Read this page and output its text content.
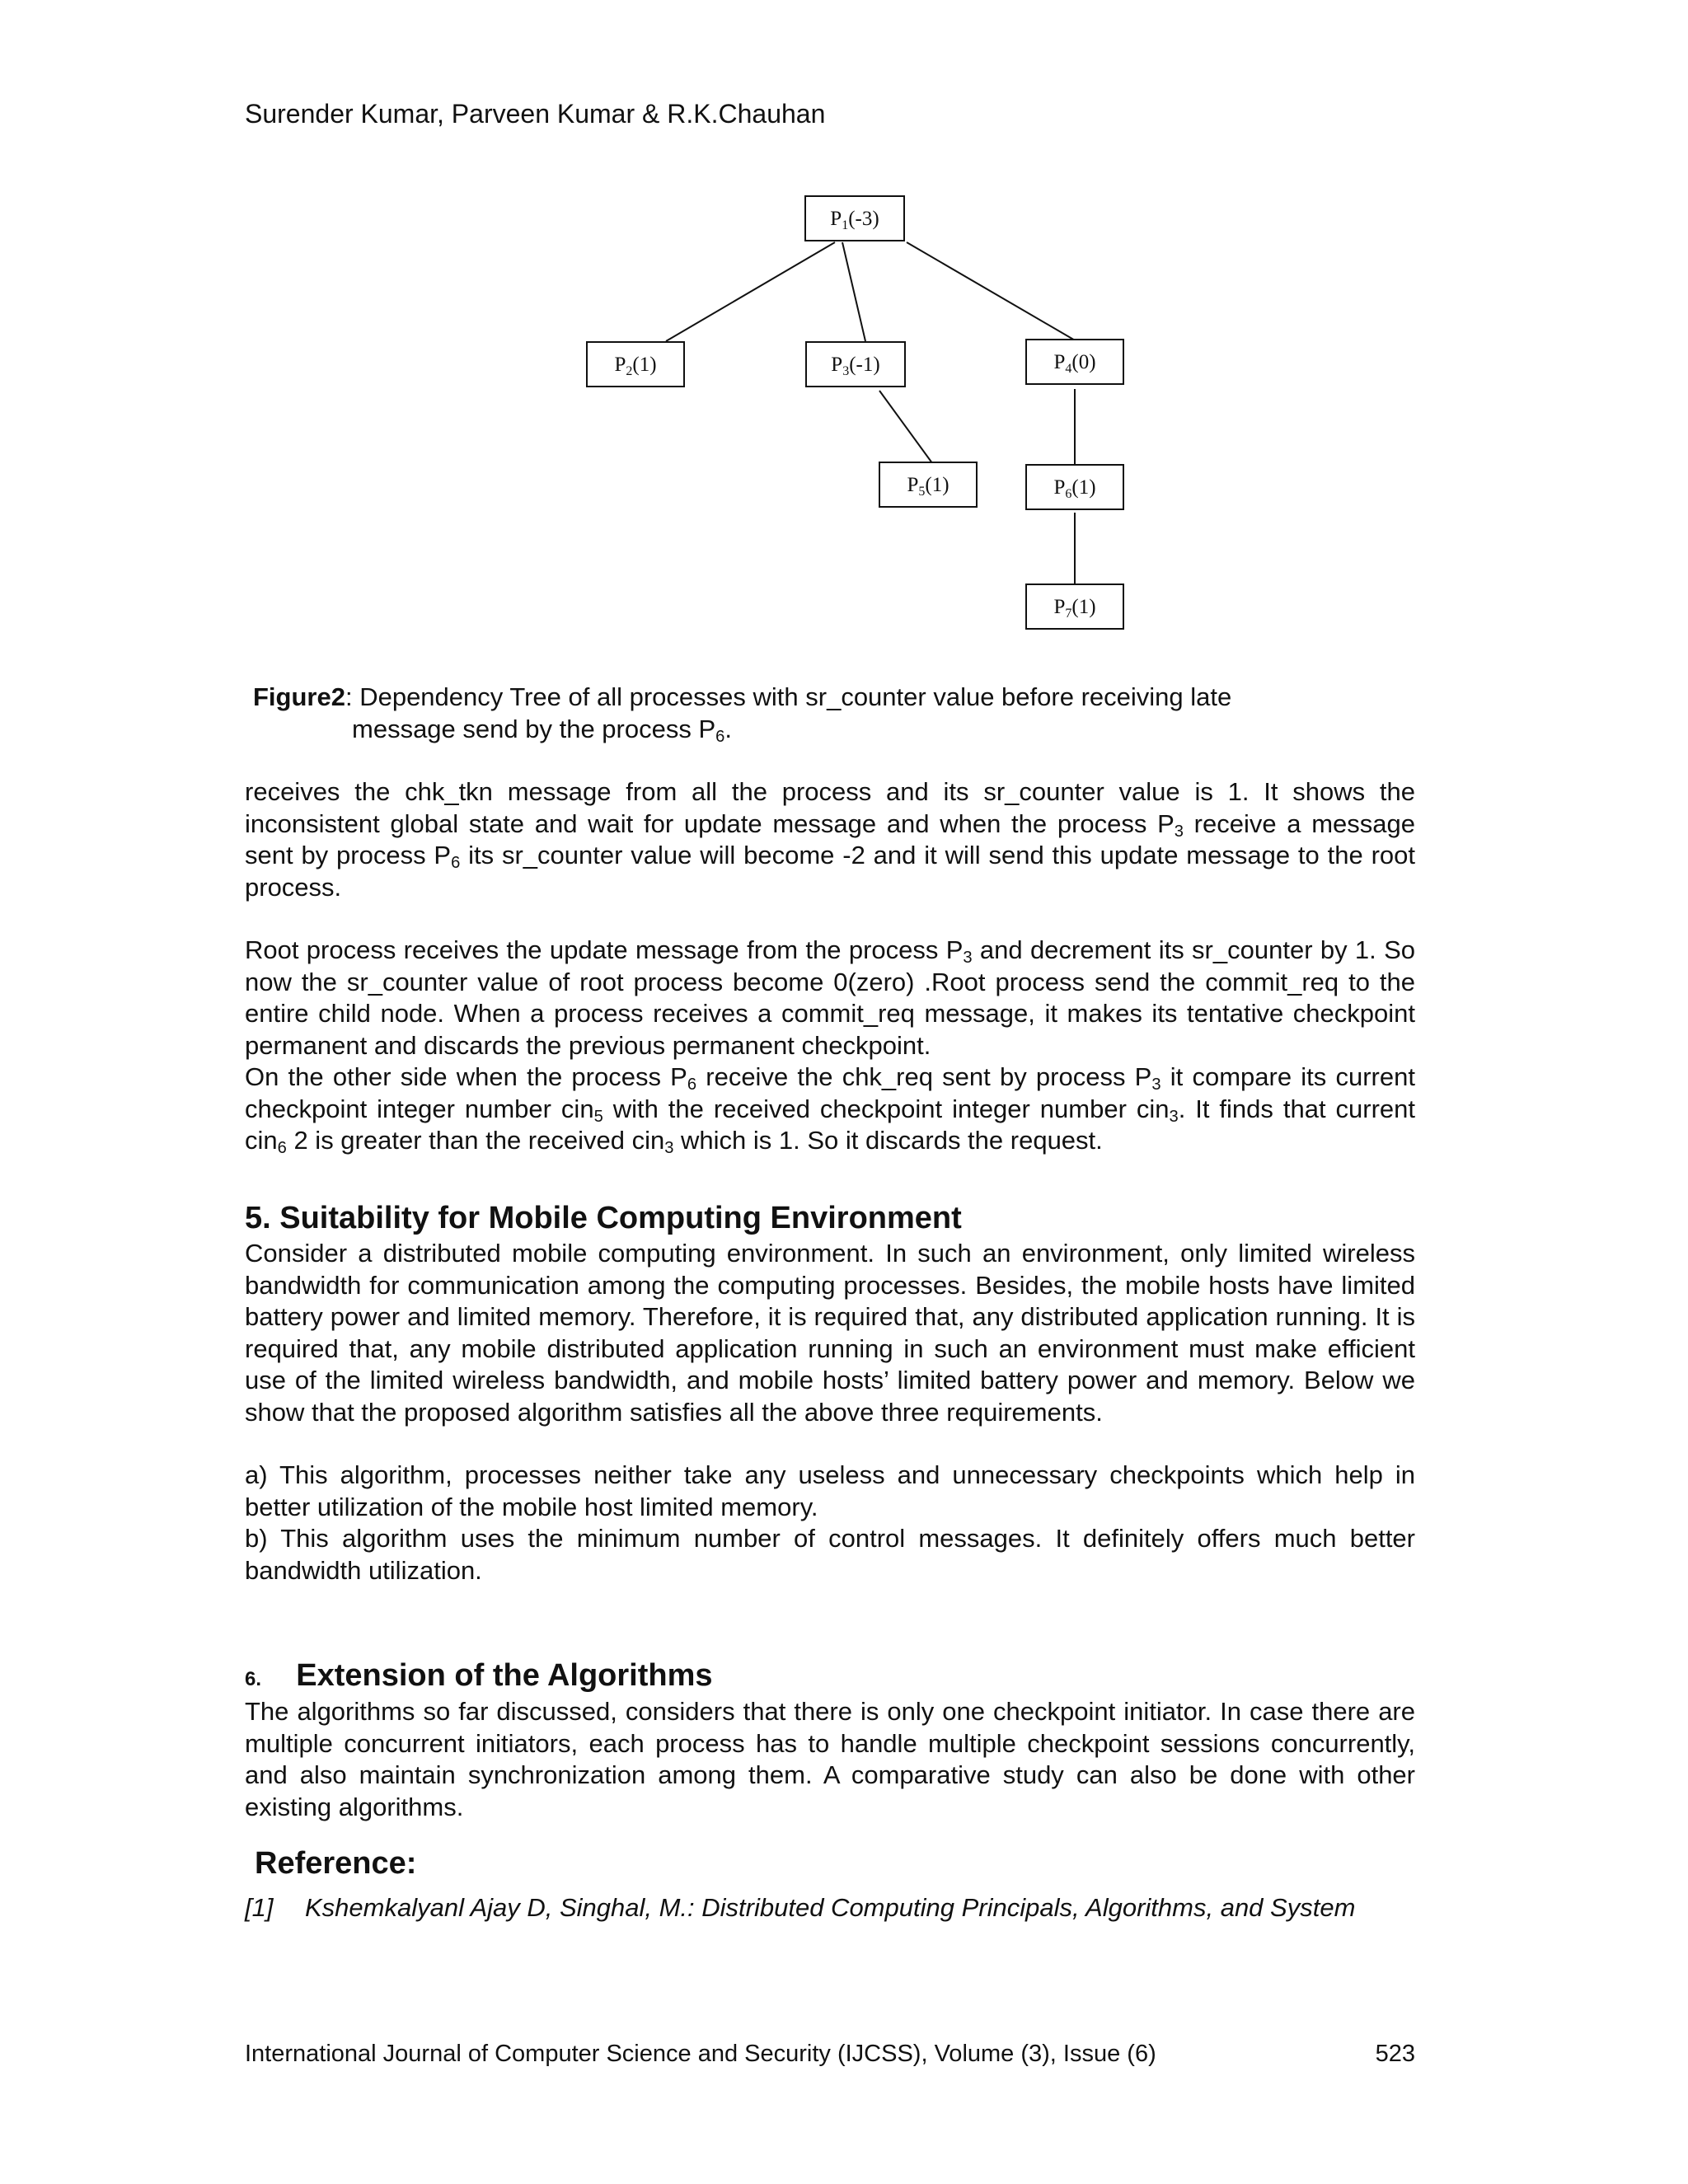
Surender Kumar, Parveen Kumar & R.K.Chauhan
$P_1(-3)$
$P_2(1)$	$P_3(-1)$	$P_4(0)$
$P_5(1)$	$P_6(1)$
$P_7(1)$
Figure2: Dependency Tree of all processes with sr_counter value before receiving late
message send by the process $P_6$.

receives the chk_tkn message from all the process and its sr_counter value is 1. It shows the inconsistent global state and wait for update message and when the process $P_3$ receive a message sent by process $P_6$ its sr_counter value will become -2 and it will send this update message to the root process.

Root process receives the update message from the process $P_3$ and decrement its sr_counter by 1. So now the sr_counter value of root process become 0(zero) .Root process send the commit_req to the entire child node. When a process receives a commit_req message, it makes its tentative checkpoint permanent and discards the previous permanent checkpoint.

On the other side when the process $P_6$ receive the chk_req sent by process $P_3$ it compare its current checkpoint integer number cin$_5$ with the received checkpoint integer number cin$_3$. It finds that current cin$_6$ 2 is greater than the received cin$_3$ which is 1. So it discards the request.

5. Suitability for Mobile Computing Environment

Consider a distributed mobile computing environment. In such an environment, only limited wireless bandwidth for communication among the computing processes. Besides, the mobile hosts have limited battery power and limited memory. Therefore, it is required that, any distributed application running. It is required that, any mobile distributed application running in such an environment must make efficient use of the limited wireless bandwidth, and mobile hosts’ limited battery power and memory. Below we show that the proposed algorithm satisfies all the above three requirements.

a) This algorithm, processes neither take any useless and unnecessary checkpoints which help in better utilization of the mobile host limited memory.

b) This algorithm uses the minimum number of control messages. It definitely offers much better bandwidth utilization.

6. Extension of the Algorithms

The algorithms so far discussed, considers that there is only one checkpoint initiator. In case there are multiple concurrent initiators, each process has to handle multiple checkpoint sessions concurrently, and also maintain synchronization among them. A comparative study can also be done with other existing algorithms.

Reference:
[1] Kshemkalyanl Ajay D, Singhal, M.: Distributed Computing Principals, Algorithms, and System
International Journal of Computer Science and Security (IJCSS), Volume (3), Issue (6)	523
